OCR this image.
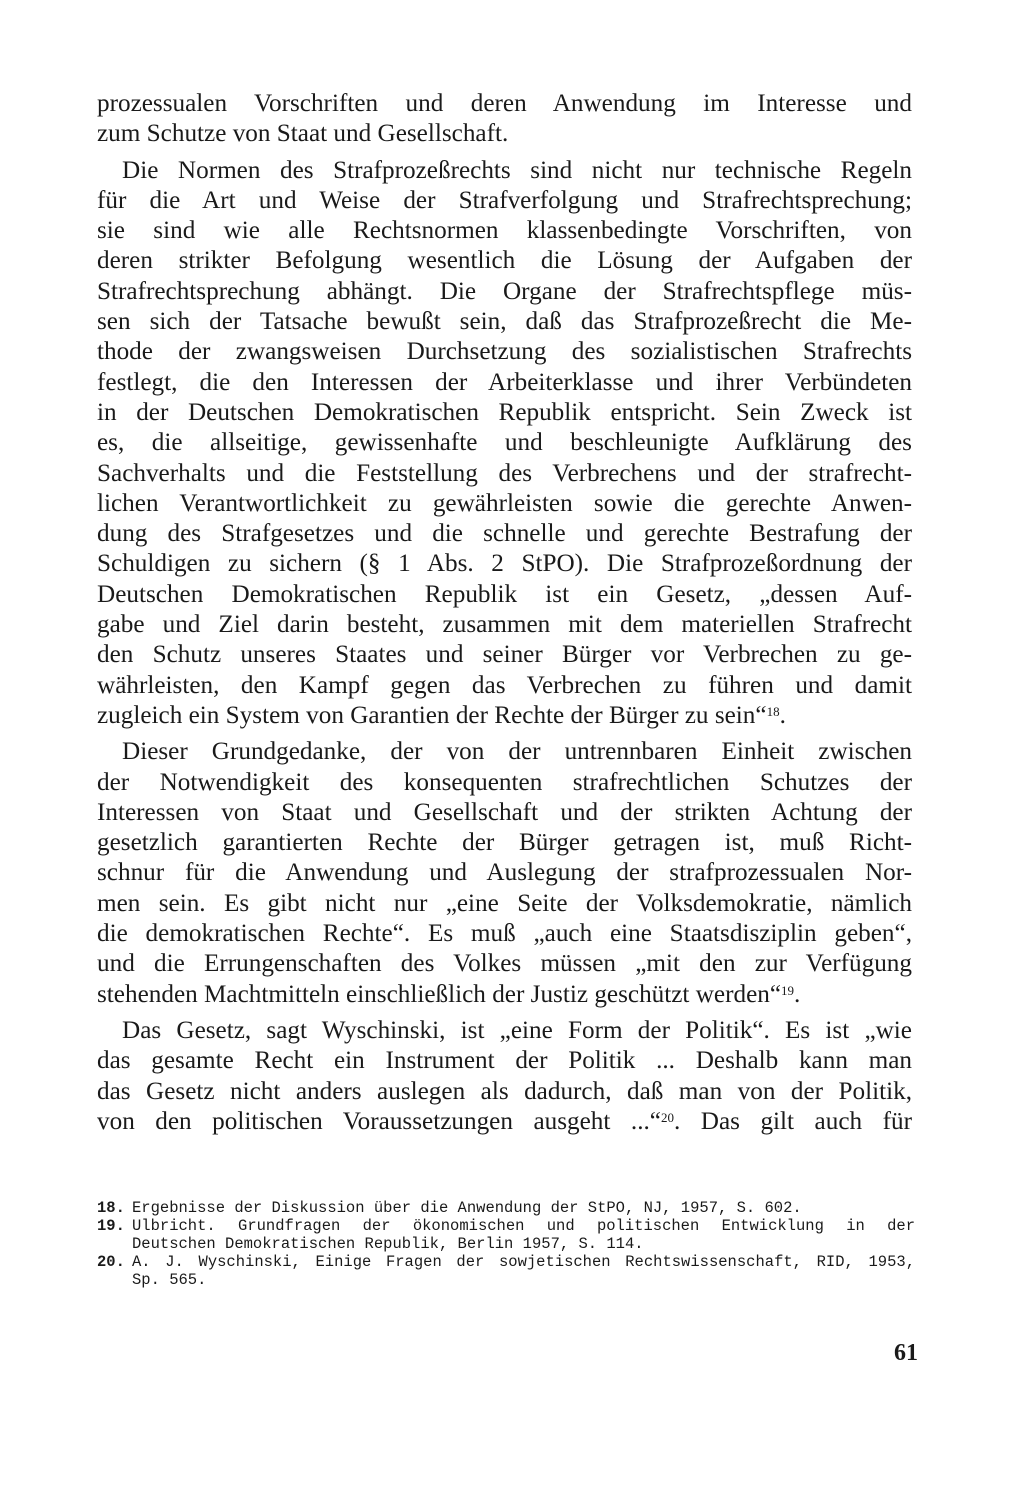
prozessualen Vorschriften und deren Anwendung im Interesse und
zum Schutze von Staat und Gesellschaft.
Die Normen des Strafprozeßrechts sind nicht nur technische Regeln
für die Art und Weise der Strafverfolgung und Strafrechtsprechung;
sie sind wie alle Rechtsnormen klassenbedingte Vorschriften, von
deren strikter Befolgung wesentlich die Lösung der Aufgaben der
Strafrechtsprechung abhängt. Die Organe der Strafrechtspflege müs-
sen sich der Tatsache bewußt sein, daß das Strafprozeßrecht die Me-
thode der zwangsweisen Durchsetzung des sozialistischen Strafrechts
festlegt, die den Interessen der Arbeiterklasse und ihrer Verbündeten
in der Deutschen Demokratischen Republik entspricht. Sein Zweck ist
es, die allseitige, gewissenhafte und beschleunigte Aufklärung des
Sachverhalts und die Feststellung des Verbrechens und der strafrecht-
lichen Verantwortlichkeit zu gewährleisten sowie die gerechte Anwen-
dung des Strafgesetzes und die schnelle und gerechte Bestrafung der
Schuldigen zu sichern (§ 1 Abs. 2 StPO). Die Strafprozeßordnung der
Deutschen Demokratischen Republik ist ein Gesetz, „dessen Auf-
gabe und Ziel darin besteht, zusammen mit dem materiellen Strafrecht
den Schutz unseres Staates und seiner Bürger vor Verbrechen zu ge-
währleisten, den Kampf gegen das Verbrechen zu führen und damit
zugleich ein System von Garantien der Rechte der Bürger zu sein“$^{18}$.
Dieser Grundgedanke, der von der untrennbaren Einheit zwischen
der Notwendigkeit des konsequenten strafrechtlichen Schutzes der
Interessen von Staat und Gesellschaft und der strikten Achtung der
gesetzlich garantierten Rechte der Bürger getragen ist, muß Richt-
schnur für die Anwendung und Auslegung der strafprozessualen Nor-
men sein. Es gibt nicht nur „eine Seite der Volksdemokratie, nämlich
die demokratischen Rechte“. Es muß „auch eine Staatsdisziplin geben“,
und die Errungenschaften des Volkes müssen „mit den zur Verfügung
stehenden Machtmitteln einschließlich der Justiz geschützt werden“$^{19}$.
Das Gesetz, sagt Wyschinski, ist „eine Form der Politik“. Es ist „wie
das gesamte Recht ein Instrument der Politik ... Deshalb kann man
das Gesetz nicht anders auslegen als dadurch, daß man von der Politik,
von den politischen Voraussetzungen ausgeht ...“$^{20}$. Das gilt auch für
18. Ergebnisse der Diskussion über die Anwendung der StPO, NJ, 1957, S. 602.
19. Ulbricht. Grundfragen der ökonomischen und politischen Entwicklung in der
Deutschen Demokratischen Republik, Berlin 1957, S. 114.
20. A. J. Wyschinski, Einige Fragen der sowjetischen Rechtswissenschaft, RID, 1953,
Sp. 565.
61
